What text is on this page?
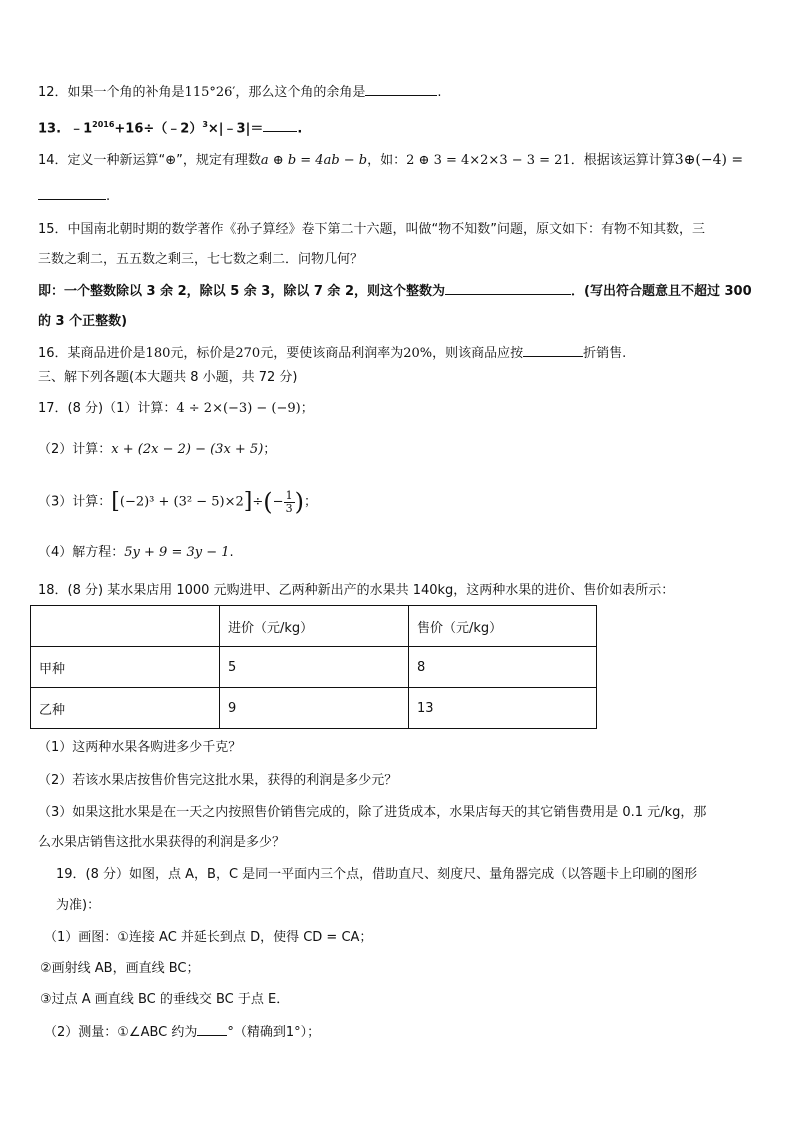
12．如果一个角的补角是115°26′，那么这个角的余角是	.
13. $﹣1^{2016}+16\div(﹣2)^3\times|﹣3|=$	.
14．定义一种新运算“⊕”，规定有理数a ⊕ b = 4ab − b，如：2 ⊕ 3 = 4×2×3 − 3 = 21．根据该运算计算3⊕(−4) =
.
15．中国南北朝时期的数学著作《孙子算经》卷下第二十六题，叫做“物不知数”问题，原文如下：有物不知其数，三
三数之剩二，五五数之剩三，七七数之剩二．问物几何？
即：一个整数除以 3 余 2，除以 5 余 3，除以 7 余 2，则这个整数为	．(写出符合题意且不超过 300
的 3 个正整数)
16．某商品进价是180元，标价是270元，要使该商品利润率为20%，则该商品应按	折销售.
三、解下列各题(本大题共 8 小题，共 72 分)
17．(8 分)（1）计算：4 ÷ 2×(−3) − (−9)；
（2）计算：x + (2x − 2) − (3x + 5)；
（3）计算：$[(-2)^3 + (3^2 - 5)\times 2]\div(- \frac{1}{3}$ )；
（4）解方程：5y + 9 = 3y − 1.
18．(8 分) 某水果店用 1000 元购进甲、乙两种新出产的水果共 140kg，这两种水果的进价、售价如表所示：
	进价（元/kg）	售价（元/kg）
甲种	5	8
乙种	9	13
（1）这两种水果各购进多少千克？
（2）若该水果店按售价售完这批水果，获得的利润是多少元？
（3）如果这批水果是在一天之内按照售价销售完成的，除了进货成本，水果店每天的其它销售费用是 0.1 元/kg，那
么水果店销售这批水果获得的利润是多少？
19．(8 分）如图，点 A，B，C 是同一平面内三个点，借助直尺、刻度尺、量角器完成（以答题卡上印刷的图形
为准)：
（1）画图：①连接 AC 并延长到点 D，使得 CD = CA；
②画射线 AB，画直线 BC；
③过点 A 画直线 BC 的垂线交 BC 于点 E．
（2）测量：①∠ABC 约为 °（精确到1°）；
